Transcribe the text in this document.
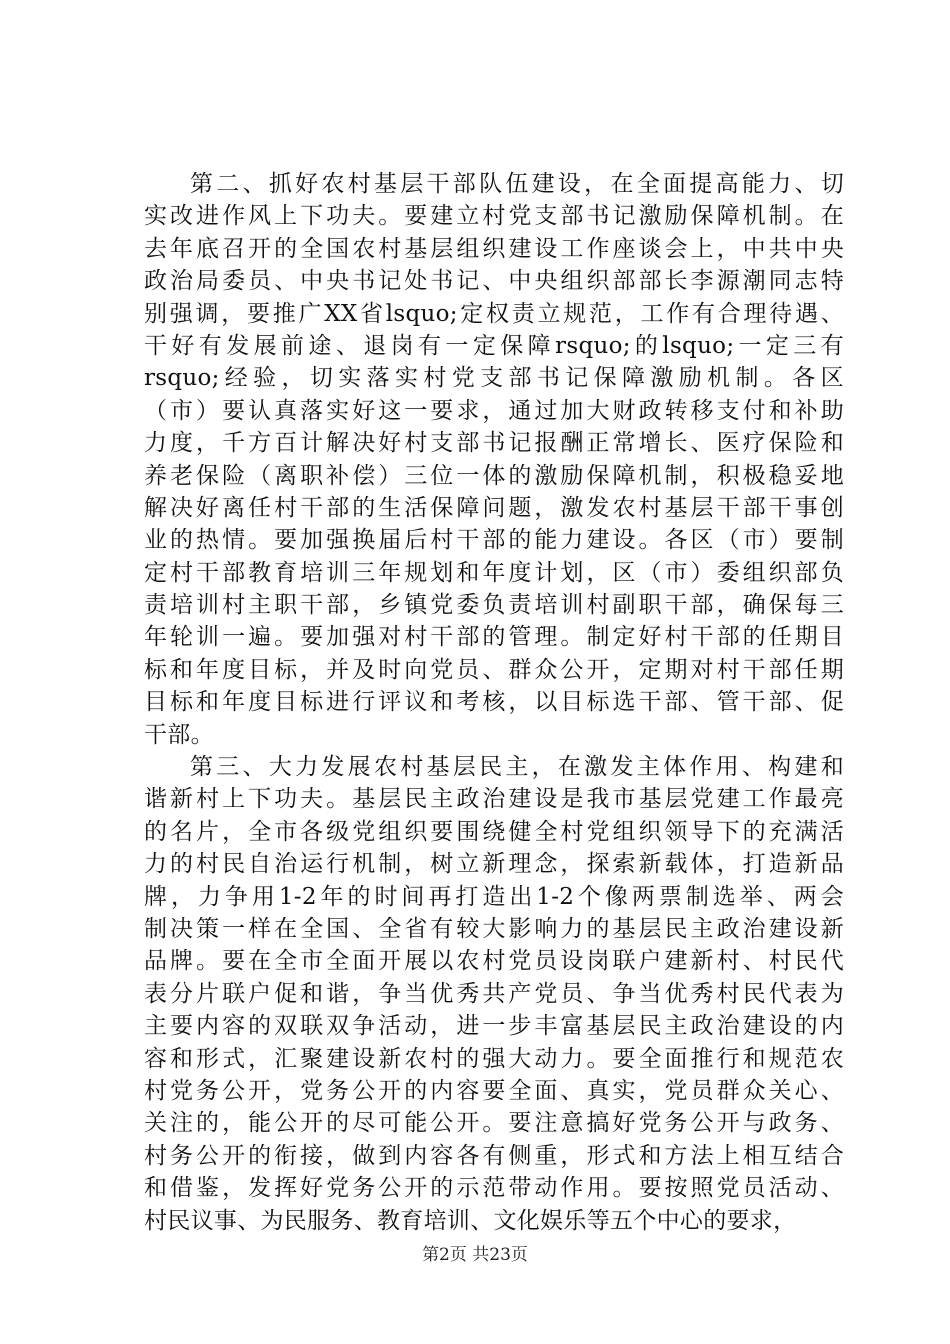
第二、抓好农村基层干部队伍建设，在全面提高能力、切
实改进作风上下功夫。要建立村党支部书记激励保障机制。在
去年底召开的全国农村基层组织建设工作座谈会上，中共中央
政治局委员、中央书记处书记、中央组织部部长李源潮同志特
别强调，要推广XX省lsquo;定权责立规范，工作有合理待遇、
干好有发展前途、退岗有一定保障rsquo;的lsquo;一定三有
rsquo;经验，切实落实村党支部书记保障激励机制。各区
（市）要认真落实好这一要求，通过加大财政转移支付和补助
力度，千方百计解决好村支部书记报酬正常增长、医疗保险和
养老保险（离职补偿）三位一体的激励保障机制，积极稳妥地
解决好离任村干部的生活保障问题，激发农村基层干部干事创
业的热情。要加强换届后村干部的能力建设。各区（市）要制
定村干部教育培训三年规划和年度计划，区（市）委组织部负
责培训村主职干部，乡镇党委负责培训村副职干部，确保每三
年轮训一遍。要加强对村干部的管理。制定好村干部的任期目
标和年度目标，并及时向党员、群众公开，定期对村干部任期
目标和年度目标进行评议和考核，以目标选干部、管干部、促
干部。
第三、大力发展农村基层民主，在激发主体作用、构建和
谐新村上下功夫。基层民主政治建设是我市基层党建工作最亮
的名片，全市各级党组织要围绕健全村党组织领导下的充满活
力的村民自治运行机制，树立新理念，探索新载体，打造新品
牌，力争用1-2年的时间再打造出1-2个像两票制选举、两会
制决策一样在全国、全省有较大影响力的基层民主政治建设新
品牌。要在全市全面开展以农村党员设岗联户建新村、村民代
表分片联户促和谐，争当优秀共产党员、争当优秀村民代表为
主要内容的双联双争活动，进一步丰富基层民主政治建设的内
容和形式，汇聚建设新农村的强大动力。要全面推行和规范农
村党务公开，党务公开的内容要全面、真实，党员群众关心、
关注的，能公开的尽可能公开。要注意搞好党务公开与政务、
村务公开的衔接，做到内容各有侧重，形式和方法上相互结合
和借鉴，发挥好党务公开的示范带动作用。要按照党员活动、
村民议事、为民服务、教育培训、文化娱乐等五个中心的要求，
第2页 共23页
